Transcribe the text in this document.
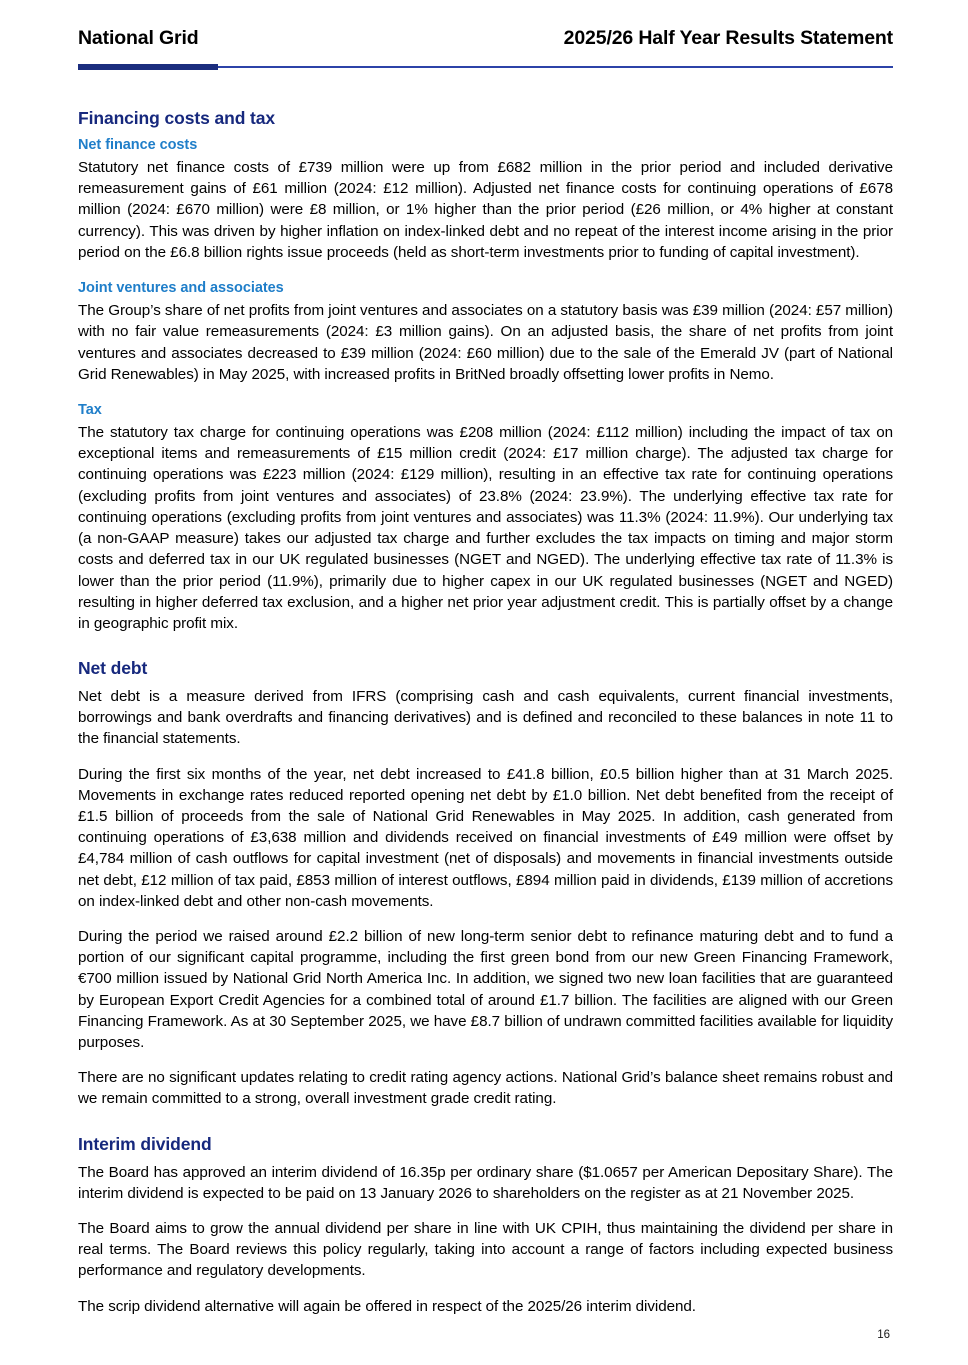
National Grid	2025/26 Half Year Results Statement
Financing costs and tax
Net finance costs

Statutory net finance costs of £739 million were up from £682 million in the prior period and included derivative remeasurement gains of £61 million (2024: £12 million). Adjusted net finance costs for continuing operations of £678 million (2024: £670 million) were £8 million, or 1% higher than the prior period (£26 million, or 4% higher at constant currency). This was driven by higher inflation on index-linked debt and no repeat of the interest income arising in the prior period on the £6.8 billion rights issue proceeds (held as short-term investments prior to funding of capital investment).

Joint ventures and associates

The Group’s share of net profits from joint ventures and associates on a statutory basis was £39 million (2024: £57 million) with no fair value remeasurements (2024: £3 million gains). On an adjusted basis, the share of net profits from joint ventures and associates decreased to £39 million (2024: £60 million) due to the sale of the Emerald JV (part of National Grid Renewables) in May 2025, with increased profits in BritNed broadly offsetting lower profits in Nemo.

Tax

The statutory tax charge for continuing operations was £208 million (2024: £112 million) including the impact of tax on exceptional items and remeasurements of £15 million credit (2024: £17 million charge). The adjusted tax charge for continuing operations was £223 million (2024: £129 million), resulting in an effective tax rate for continuing operations (excluding profits from joint ventures and associates) of 23.8% (2024: 23.9%). The underlying effective tax rate for continuing operations (excluding profits from joint ventures and associates) was 11.3% (2024: 11.9%). Our underlying tax (a non-GAAP measure) takes our adjusted tax charge and further excludes the tax impacts on timing and major storm costs and deferred tax in our UK regulated businesses (NGET and NGED). The underlying effective tax rate of 11.3% is lower than the prior period (11.9%), primarily due to higher capex in our UK regulated businesses (NGET and NGED) resulting in higher deferred tax exclusion, and a higher net prior year adjustment credit. This is partially offset by a change in geographic profit mix.

Net debt

Net debt is a measure derived from IFRS (comprising cash and cash equivalents, current financial investments, borrowings and bank overdrafts and financing derivatives) and is defined and reconciled to these balances in note 11 to the financial statements.

During the first six months of the year, net debt increased to £41.8 billion, £0.5 billion higher than at 31 March 2025. Movements in exchange rates reduced reported opening net debt by £1.0 billion. Net debt benefited from the receipt of £1.5 billion of proceeds from the sale of National Grid Renewables in May 2025. In addition, cash generated from continuing operations of £3,638 million and dividends received on financial investments of £49 million were offset by £4,784 million of cash outflows for capital investment (net of disposals) and movements in financial investments outside net debt, £12 million of tax paid, £853 million of interest outflows, £894 million paid in dividends, £139 million of accretions on index-linked debt and other non-cash movements.

During the period we raised around £2.2 billion of new long-term senior debt to refinance maturing debt and to fund a portion of our significant capital programme, including the first green bond from our new Green Financing Framework, €700 million issued by National Grid North America Inc. In addition, we signed two new loan facilities that are guaranteed by European Export Credit Agencies for a combined total of around £1.7 billion. The facilities are aligned with our Green Financing Framework. As at 30 September 2025, we have £8.7 billion of undrawn committed facilities available for liquidity purposes.

There are no significant updates relating to credit rating agency actions. National Grid’s balance sheet remains robust and we remain committed to a strong, overall investment grade credit rating.

Interim dividend

The Board has approved an interim dividend of 16.35p per ordinary share ($1.0657 per American Depositary Share). The interim dividend is expected to be paid on 13 January 2026 to shareholders on the register as at 21 November 2025.

The Board aims to grow the annual dividend per share in line with UK CPIH, thus maintaining the dividend per share in real terms. The Board reviews this policy regularly, taking into account a range of factors including expected business performance and regulatory developments.

The scrip dividend alternative will again be offered in respect of the 2025/26 interim dividend.

16
